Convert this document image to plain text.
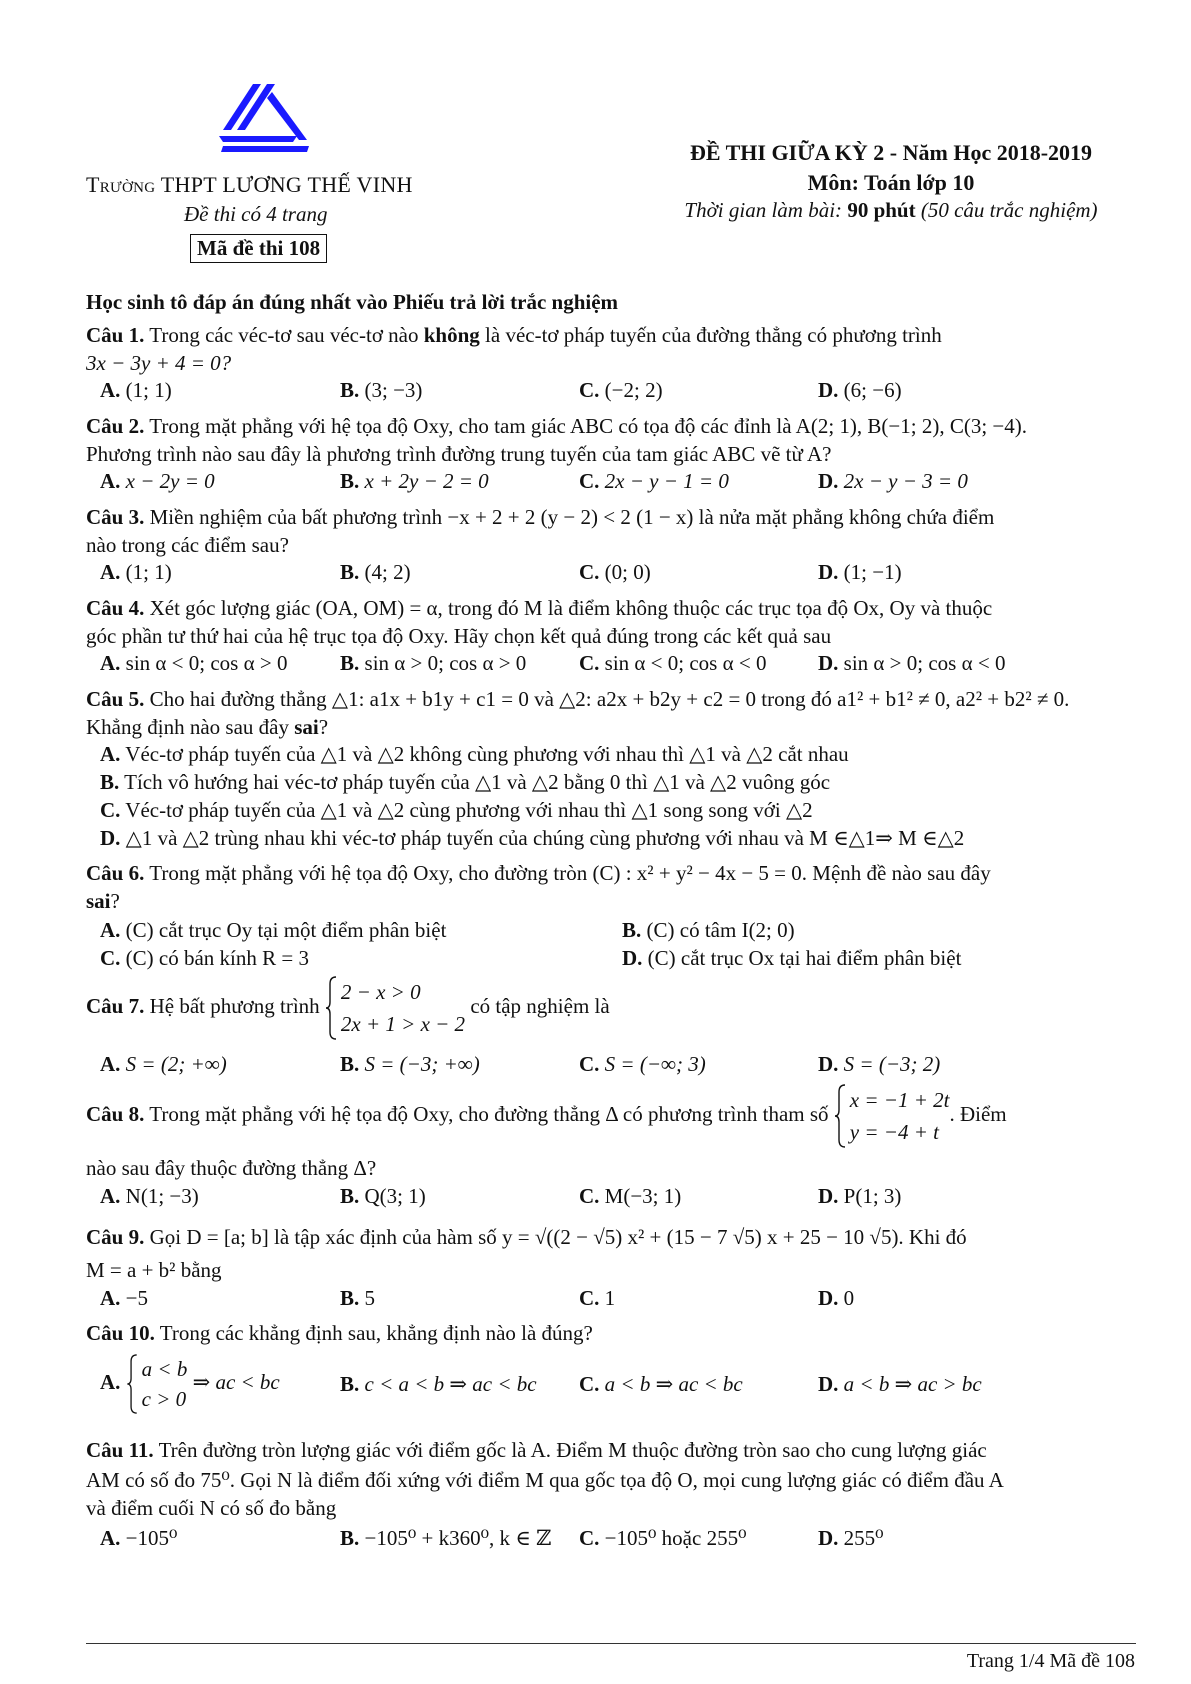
Trường THPT LƯƠNG THẾ VINH
Đề thi có 4 trang
Mã đề thi 108
ĐỀ THI GIỮA KỲ 2 - Năm Học 2018-2019
Môn: Toán lớp 10
Thời gian làm bài: 90 phút (50 câu trắc nghiệm)
Học sinh tô đáp án đúng nhất vào Phiếu trả lời trắc nghiệm
Câu 1. Trong các véc-tơ sau véc-tơ nào không là véc-tơ pháp tuyến của đường thẳng có phương trình
3x − 3y + 4 = 0?
A. (1; 1)	B. (3; −3)	C. (−2; 2)	D. (6; −6)
Câu 2. Trong mặt phẳng với hệ tọa độ Oxy, cho tam giác ABC có tọa độ các đỉnh là A(2; 1), B(−1; 2), C(3; −4).
Phương trình nào sau đây là phương trình đường trung tuyến của tam giác ABC vẽ từ A?
A. x − 2y = 0	B. x + 2y − 2 = 0	C. 2x − y − 1 = 0	D. 2x − y − 3 = 0
Câu 3. Miền nghiệm của bất phương trình −x + 2 + 2 (y − 2) < 2 (1 − x) là nửa mặt phẳng không chứa điểm
nào trong các điểm sau?
A. (1; 1)	B. (4; 2)	C. (0; 0)	D. (1; −1)
Câu 4. Xét góc lượng giác (OA, OM) = α, trong đó M là điểm không thuộc các trục tọa độ Ox, Oy và thuộc
góc phần tư thứ hai của hệ trục tọa độ Oxy. Hãy chọn kết quả đúng trong các kết quả sau
A. sin α < 0; cos α > 0	B. sin α > 0; cos α > 0	C. sin α < 0; cos α < 0 D. sin α > 0; cos α < 0
Câu 5. Cho hai đường thẳng △1: a1x + b1y + c1 = 0 và △2: a2x + b2y + c2 = 0 trong đó a1² + b1² ≠ 0, a2² + b2² ≠ 0.
Khẳng định nào sau đây sai?
A. Véc-tơ pháp tuyến của △1 và △2 không cùng phương với nhau thì △1 và △2 cắt nhau
B. Tích vô hướng hai véc-tơ pháp tuyến của △1 và △2 bằng 0 thì △1 và △2 vuông góc
C. Véc-tơ pháp tuyến của △1 và △2 cùng phương với nhau thì △1 song song với △2
D. △1 và △2 trùng nhau khi véc-tơ pháp tuyến của chúng cùng phương với nhau và M ∈△1⇒ M ∈△2
Câu 6. Trong mặt phẳng với hệ tọa độ Oxy, cho đường tròn (C) : x² + y² − 4x − 5 = 0. Mệnh đề nào sau đây
sai?
A. (C) cắt trục Oy tại một điểm phân biệt	B. (C) có tâm I(2; 0)
C. (C) có bán kính R = 3	D. (C) cắt trục Ox tại hai điểm phân biệt
Câu 7. Hệ bất phương trình 2 − x > 0
2x + 1 > x − 2 có tập nghiệm là
A. S = (2; +∞)	B. S = (−3; +∞)	C. S = (−∞; 3)	D. S = (−3; 2)
Câu 8. Trong mặt phẳng với hệ tọa độ Oxy, cho đường thẳng Δ có phương trình tham số x = −1 + 2t
y = −4 + t. Điểm
nào sau đây thuộc đường thẳng Δ?
A. N(1; −3)	B. Q(3; 1)	C. M(−3; 1)	D. P(1; 3)
Câu 9. Gọi D = [a; b] là tập xác định của hàm số y = √((2 − √5) x² + (15 − 7 √5) x + 25 − 10 √5). Khi đó
M = a + b² bằng
A. −5	B. 5	C. 1	D. 0
Câu 10. Trong các khẳng định sau, khẳng định nào là đúng?
A. a < b
c > 0 ⇒ ac < bc	B. c < a < b ⇒ ac < bc C. a < b ⇒ ac < bc	D. a < b ⇒ ac > bc
Câu 11. Trên đường tròn lượng giác với điểm gốc là A. Điểm M thuộc đường tròn sao cho cung lượng giác
AM có số đo 75⁰. Gọi N là điểm đối xứng với điểm M qua gốc tọa độ O, mọi cung lượng giác có điểm đầu A
và điểm cuối N có số đo bằng
A. −105⁰	B. −105⁰ + k360⁰, k ∈ ℤ C. −105⁰ hoặc 255⁰	D. 255⁰
Trang 1/4 Mã đề 108
